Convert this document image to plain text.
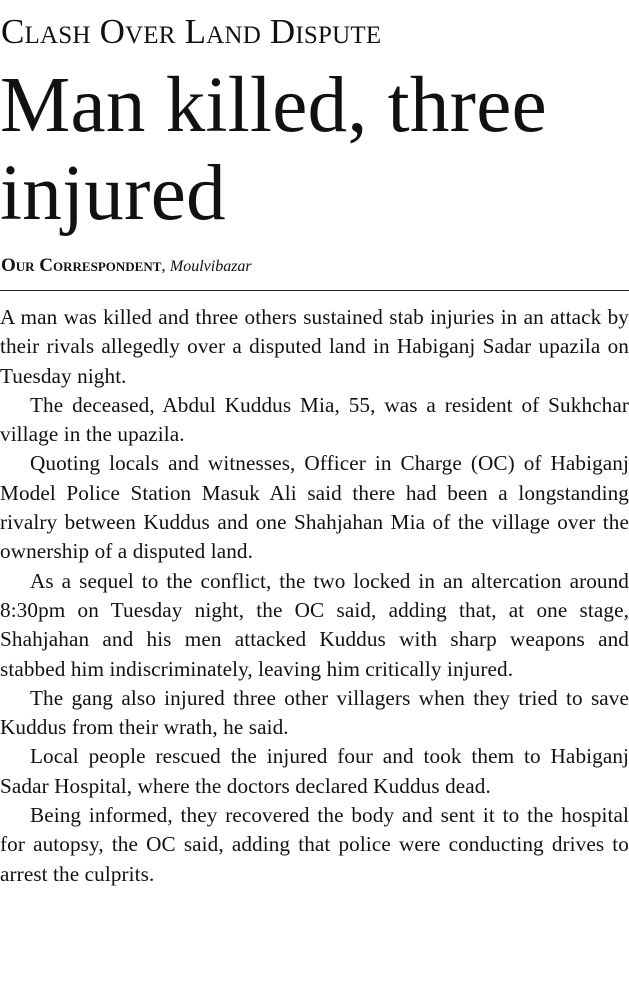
Clash Over Land Dispute
Man killed, three injured
Our Correspondent, Moulvibazar

A man was killed and three others sustained stab injuries in an attack by their rivals allegedly over a disputed land in Habiganj Sadar upazila on Tuesday night.

The deceased, Abdul Kuddus Mia, 55, was a resident of Sukhchar village in the upazila.

Quoting locals and witnesses, Officer in Charge (OC) of Habiganj Model Police Station Masuk Ali said there had been a longstanding rivalry between Kuddus and one Shahjahan Mia of the village over the ownership of a disputed land.

As a sequel to the conflict, the two locked in an altercation around 8:30pm on Tuesday night, the OC said, adding that, at one stage, Shahjahan and his men attacked Kuddus with sharp weapons and stabbed him indiscriminately, leaving him critically injured.

The gang also injured three other villagers when they tried to save Kuddus from their wrath, he said.

Local people rescued the injured four and took them to Habiganj Sadar Hospital, where the doctors declared Kuddus dead.

Being informed, they recovered the body and sent it to the hospital for autopsy, the OC said, adding that police were conducting drives to arrest the culprits.
